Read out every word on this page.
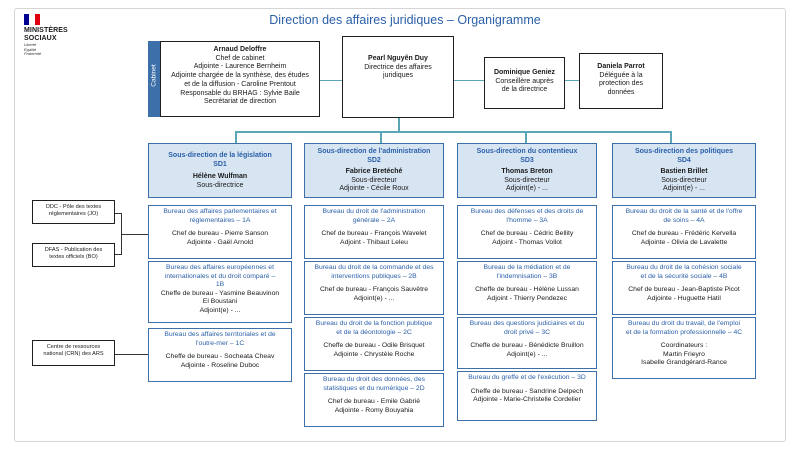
Direction des affaires juridiques – Organigramme
MINISTÈRES
SOCIAUX
Liberté
Égalité
Fraternité
Cabinet
Arnaud Deloffre
Chef de cabinet
Adjointe - Laurence Bernheim
Adjointe chargée de la synthèse, des études
et de la diffusion - Caroline Prentout
Responsable du BRHAG : Sylvie Baile
Secrétariat de direction
Pearl Nguyên Duy
Directrice des affaires
juridiques	Dominique Geniez
Conseillère auprès
de la directrice
Daniela Parrot
Déléguée à la
protection des
données
DDC - Pôle des textes
réglementaires (JO)
DFAS - Publication des
textes officiels (BO)
Centre de ressources
national (CRN) des ARS
Sous-direction de la législation
SD1
Hélène Wulfman
Sous-directrice
Bureau des affaires parlementaires et
réglementaires – 1A
Chef de bureau - Pierre Sanson
Adjointe - Gaël Arnold
Bureau des affaires européennes et
internationales et du droit comparé –
1B
Cheffe de bureau - Yasmine Beauvinon
El Boustani
Adjoint(e) - ...
Bureau des affaires territoriales et de
l'outre-mer – 1C
Cheffe de bureau - Socheata Cheav
Adjointe - Roseline Duboc
Sous-direction de l'administration
SD2
Fabrice Bretéché
Sous-directeur
Adjointe - Cécile Roux
Bureau du droit de l'administration
générale – 2A
Chef de bureau - François Wavelet
Adjoint - Thibaut Leleu
Bureau du droit de la commande et des
interventions publiques – 2B
Chef de bureau - François Sauvêtre
Adjoint(e) - ...
Bureau du droit de la fonction publique
et de la déontologie – 2C
Cheffe de bureau - Odile Brisquet
Adjointe - Chrystèle Roche
Bureau du droit des données, des
statistiques et du numérique – 2D
Chef de bureau - Emile Gabrié
Adjointe - Romy Bouyahia
Sous-direction du contentieux
SD3
Thomas Breton
Sous-directeur
Adjoint(e) - ...
Bureau des défenses et des droits de
l'homme – 3A
Chef de bureau - Cédric Bellity
Adjoint - Thomas Vollot
Bureau de la médiation et de
l'indemnisation – 3B
Cheffe de bureau - Hélène Lussan
Adjoint - Thierry Pendezec
Bureau des questions judiciaires et du
droit privé – 3C
Cheffe de bureau - Bénédicte Bruillon
Adjoint(e) - ...
Bureau du greffe et de l'exécution – 3D
Cheffe de bureau - Sandrine Delpech
Adjointe - Marie-Christelle Cordelier
Sous-direction des politiques
SD4
Bastien Brillet
Sous-directeur
Adjoint(e) - ...
Bureau du droit de la santé et de l'offre
de soins – 4A
Chef de bureau - Frédéric Kervella
Adjointe - Olivia de Lavalette
Bureau du droit de la cohésion sociale
et de la sécurité sociale – 4B
Chef de bureau - Jean-Baptiste Picot
Adjointe - Huguette Hatil
Bureau du droit du travail, de l'emploi
et de la formation professionnelle – 4C
Coordinateurs :
Martin Frieyro
Isabelle Grandgérard-Rance
